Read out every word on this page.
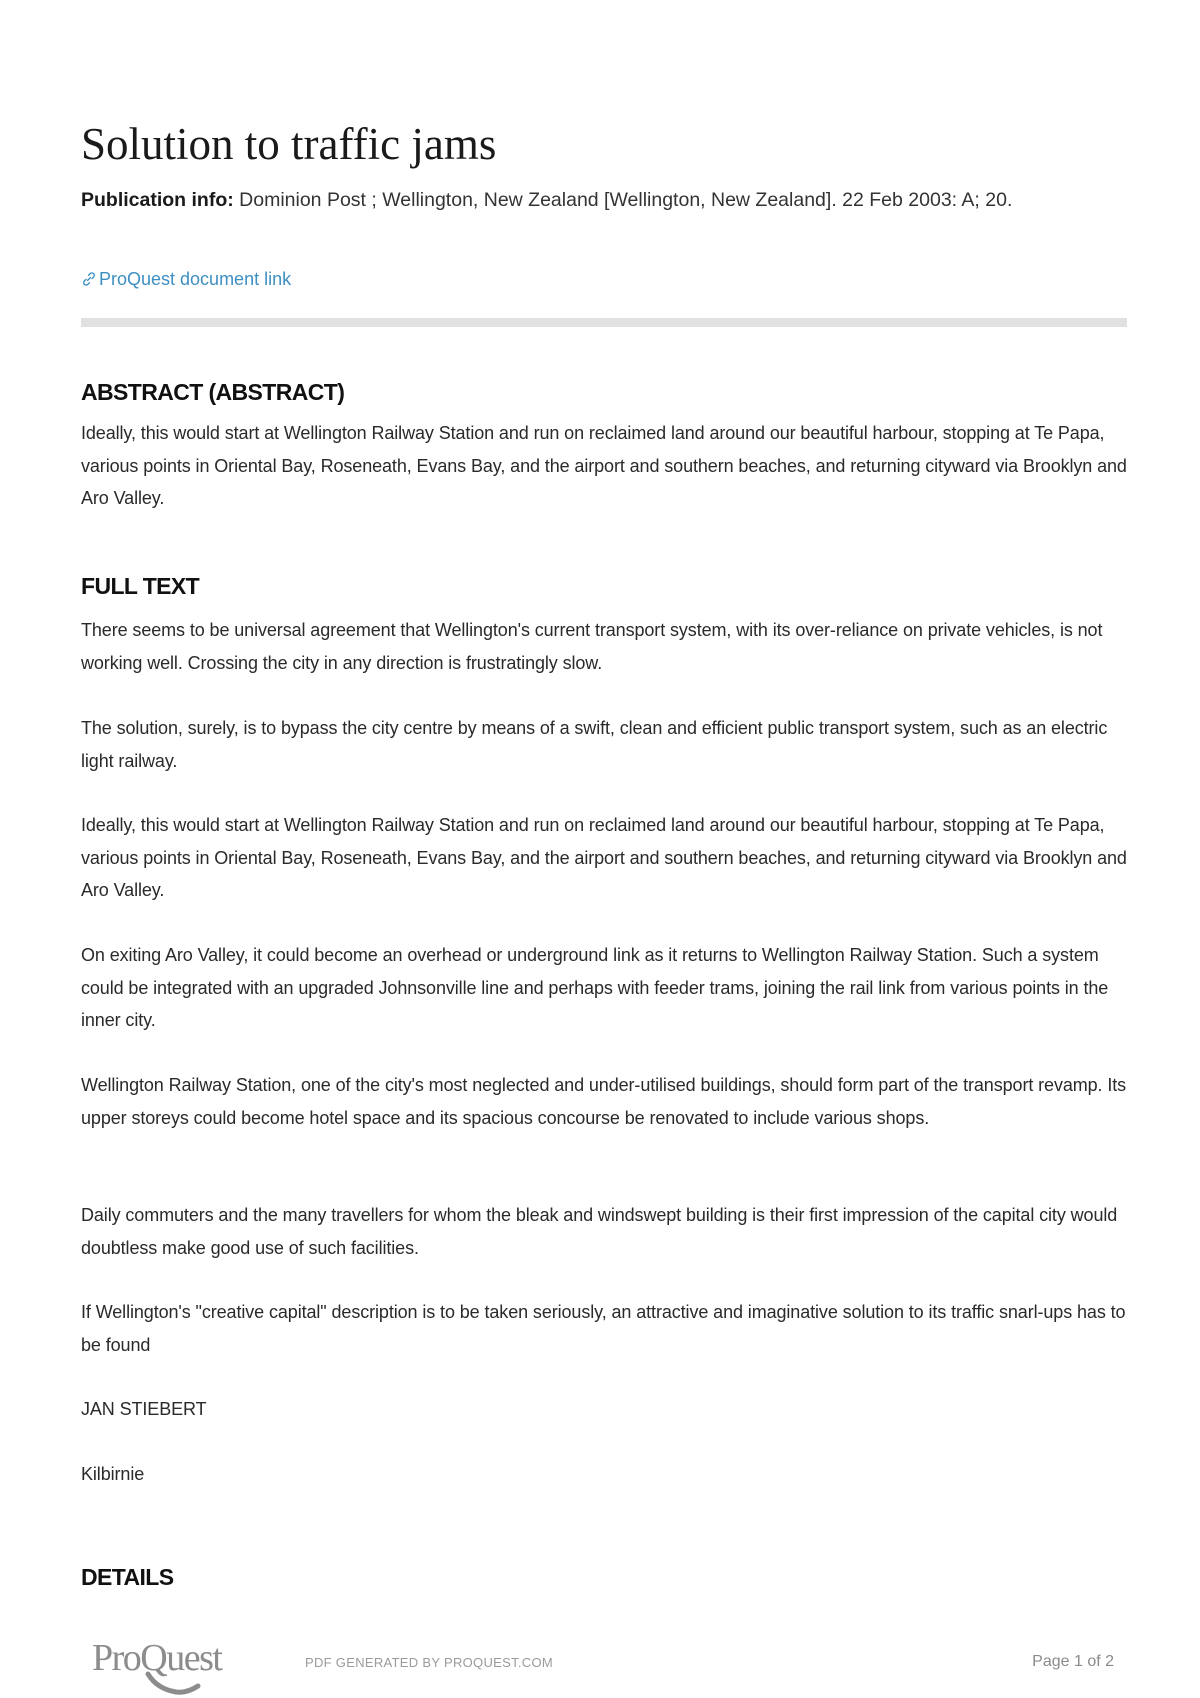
Solution to traffic jams
Publication info: Dominion Post ; Wellington, New Zealand [Wellington, New Zealand]. 22 Feb 2003: A; 20.
ProQuest document link
ABSTRACT (ABSTRACT)

Ideally, this would start at Wellington Railway Station and run on reclaimed land around our beautiful harbour, stopping at Te Papa, various points in Oriental Bay, Roseneath, Evans Bay, and the airport and southern beaches, and returning cityward via Brooklyn and Aro Valley.

FULL TEXT

There seems to be universal agreement that Wellington's current transport system, with its over-reliance on private vehicles, is not working well. Crossing the city in any direction is frustratingly slow.

The solution, surely, is to bypass the city centre by means of a swift, clean and efficient public transport system, such as an electric light railway.

Ideally, this would start at Wellington Railway Station and run on reclaimed land around our beautiful harbour, stopping at Te Papa, various points in Oriental Bay, Roseneath, Evans Bay, and the airport and southern beaches, and returning cityward via Brooklyn and Aro Valley.

On exiting Aro Valley, it could become an overhead or underground link as it returns to Wellington Railway Station. Such a system could be integrated with an upgraded Johnsonville line and perhaps with feeder trams, joining the rail link from various points in the inner city.

Wellington Railway Station, one of the city's most neglected and under-utilised buildings, should form part of the transport revamp. Its upper storeys could become hotel space and its spacious concourse be renovated to include various shops.

Daily commuters and the many travellers for whom the bleak and windswept building is their first impression of the capital city would doubtless make good use of such facilities.

If Wellington's "creative capital" description is to be taken seriously, an attractive and imaginative solution to its traffic snarl-ups has to be found

JAN STIEBERT

Kilbirnie

DETAILS
ProQuest	PDF GENERATED BY PROQUEST.COM	Page 1 of 2
